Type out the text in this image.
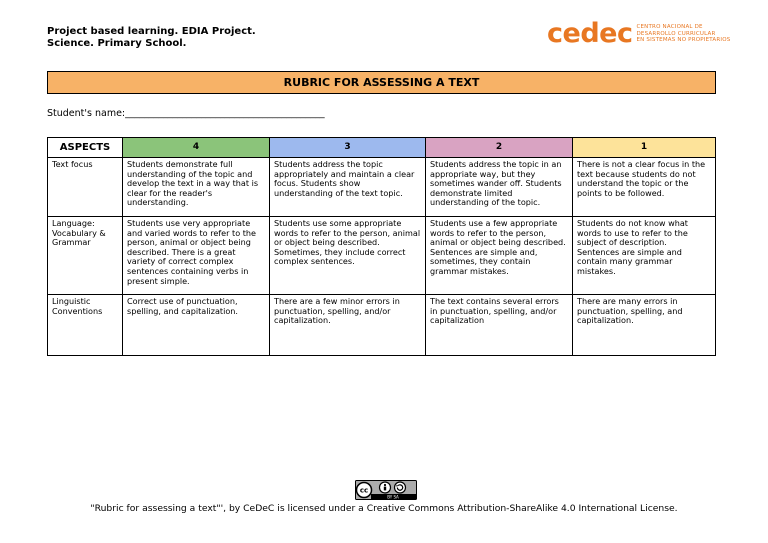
Project based learning. EDIA Project.
Science. Primary School.	cedec CENTRO NACIONAL DE
DESARROLLO CURRICULAR
EN SISTEMAS NO PROPIETARIOS
RUBRIC FOR ASSESSING A TEXT
Student's name:__________________________________________
ASPECTS	4	3	2	1
Text focus	Students demonstrate full understanding of the topic and develop the text in a way that is clear for the reader's understanding.	Students address the topic appropriately and maintain a clear focus. Students show understanding of the text topic.	Students address the topic in an appropriate way, but they sometimes wander off. Students demonstrate limited understanding of the topic.	There is not a clear focus in the text because students do not understand the topic or the points to be followed.

Language:
Vocabulary & Grammar	Students use very appropriate and varied words to refer to the person, animal or object being described. There is a great variety of correct complex sentences containing verbs in present simple.	Students use some appropriate words to refer to the person, animal or object being described. Sometimes, they include correct complex sentences.	Students use a few appropriate words to refer to the person, animal or object being described. Sentences are simple and, sometimes, they contain grammar mistakes.	Students do not know what words to use to refer to the subject of description. Sentences are simple and contain many grammar mistakes.
Linguistic Conventions	Correct use of punctuation, spelling, and capitalization.	There are a few minor errors in punctuation, spelling, and/or capitalization.	The text contains several errors in punctuation, spelling, and/or capitalization	There are many errors in punctuation, spelling, and capitalization.
cc
BY SA
"Rubric for assessing a text"', by CeDeC is licensed under a Creative Commons Attribution-ShareAlike 4.0 International License.
